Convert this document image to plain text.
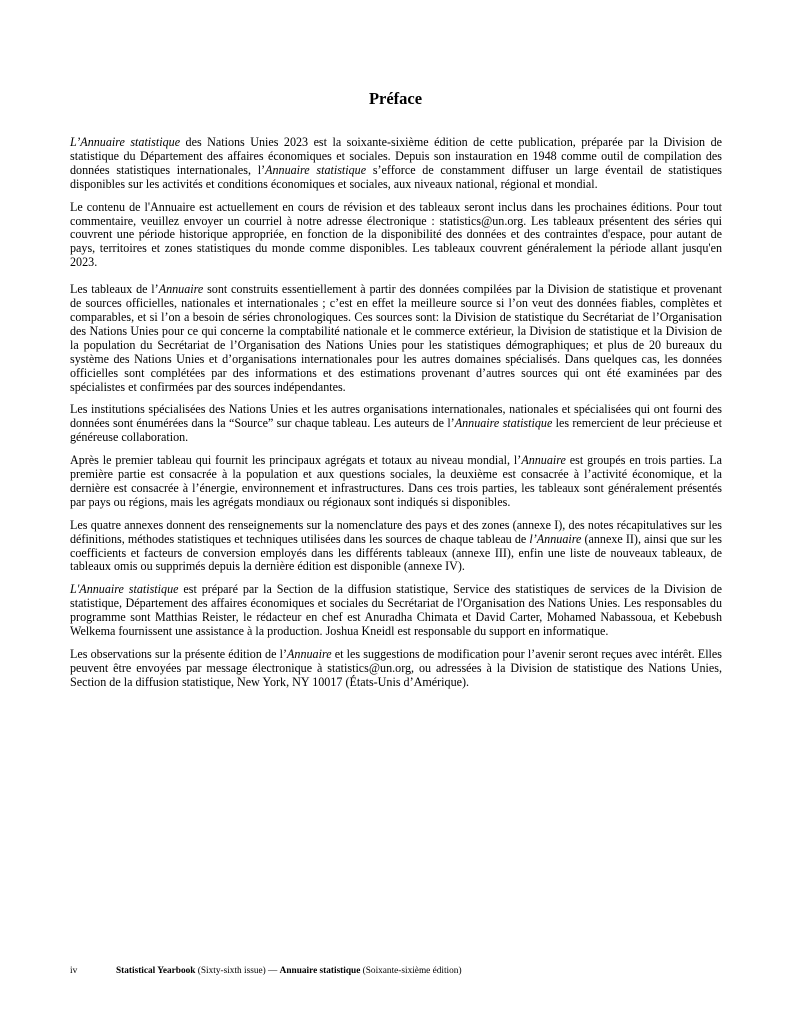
Préface

L’Annuaire statistique des Nations Unies 2023 est la soixante-sixième édition de cette publication, préparée par la Division de statistique du Département des affaires économiques et sociales. Depuis son instauration en 1948 comme outil de compilation des données statistiques internationales, l’Annuaire statistique s’efforce de constamment diffuser un large éventail de statistiques disponibles sur les activités et conditions économiques et sociales, aux niveaux national, régional et mondial.

Le contenu de l'Annuaire est actuellement en cours de révision et des tableaux seront inclus dans les prochaines éditions. Pour tout commentaire, veuillez envoyer un courriel à notre adresse électronique : statistics@un.org. Les tableaux présentent des séries qui couvrent une période historique appropriée, en fonction de la disponibilité des données et des contraintes d'espace, pour autant de pays, territoires et zones statistiques du monde comme disponibles. Les tableaux couvrent généralement la période allant jusqu'en 2023.

Les tableaux de l’Annuaire sont construits essentiellement à partir des données compilées par la Division de statistique et provenant de sources officielles, nationales et internationales ; c’est en effet la meilleure source si l’on veut des données fiables, complètes et comparables, et si l’on a besoin de séries chronologiques. Ces sources sont: la Division de statistique du Secrétariat de l’Organisation des Nations Unies pour ce qui concerne la comptabilité nationale et le commerce extérieur, la Division de statistique et la Division de la population du Secrétariat de l’Organisation des Nations Unies pour les statistiques démographiques; et plus de 20 bureaux du système des Nations Unies et d’organisations internationales pour les autres domaines spécialisés. Dans quelques cas, les données officielles sont complétées par des informations et des estimations provenant d’autres sources qui ont été examinées par des spécialistes et confirmées par des sources indépendantes.

Les institutions spécialisées des Nations Unies et les autres organisations internationales, nationales et spécialisées qui ont fourni des données sont énumérées dans la “Source” sur chaque tableau. Les auteurs de l’Annuaire statistique les remercient de leur précieuse et généreuse collaboration.

Après le premier tableau qui fournit les principaux agrégats et totaux au niveau mondial, l’Annuaire est groupés en trois parties. La première partie est consacrée à la population et aux questions sociales, la deuxième est consacrée à l’activité économique, et la dernière est consacrée à l’énergie, environnement et infrastructures. Dans ces trois parties, les tableaux sont généralement présentés par pays ou régions, mais les agrégats mondiaux ou régionaux sont indiqués si disponibles.

Les quatre annexes donnent des renseignements sur la nomenclature des pays et des zones (annexe I), des notes récapitulatives sur les définitions, méthodes statistiques et techniques utilisées dans les sources de chaque tableau de l’Annuaire (annexe II), ainsi que sur les coefficients et facteurs de conversion employés dans les différents tableaux (annexe III), enfin une liste de nouveaux tableaux, de tableaux omis ou supprimés depuis la dernière édition est disponible (annexe IV).

L'Annuaire statistique est préparé par la Section de la diffusion statistique, Service des statistiques de services de la Division de statistique, Département des affaires économiques et sociales du Secrétariat de l'Organisation des Nations Unies. Les responsables du programme sont Matthias Reister, le rédacteur en chef est Anuradha Chimata et David Carter, Mohamed Nabassoua, et Kebebush Welkema fournissent une assistance à la production. Joshua Kneidl est responsable du support en informatique.

Les observations sur la présente édition de l’Annuaire et les suggestions de modification pour l’avenir seront reçues avec intérêt. Elles peuvent être envoyées par message électronique à statistics@un.org, ou adressées à la Division de statistique des Nations Unies, Section de la diffusion statistique, New York, NY 10017 (États-Unis d’Amérique).

iv	Statistical Yearbook (Sixty-sixth issue) — Annuaire statistique (Soixante-sixième édition)
